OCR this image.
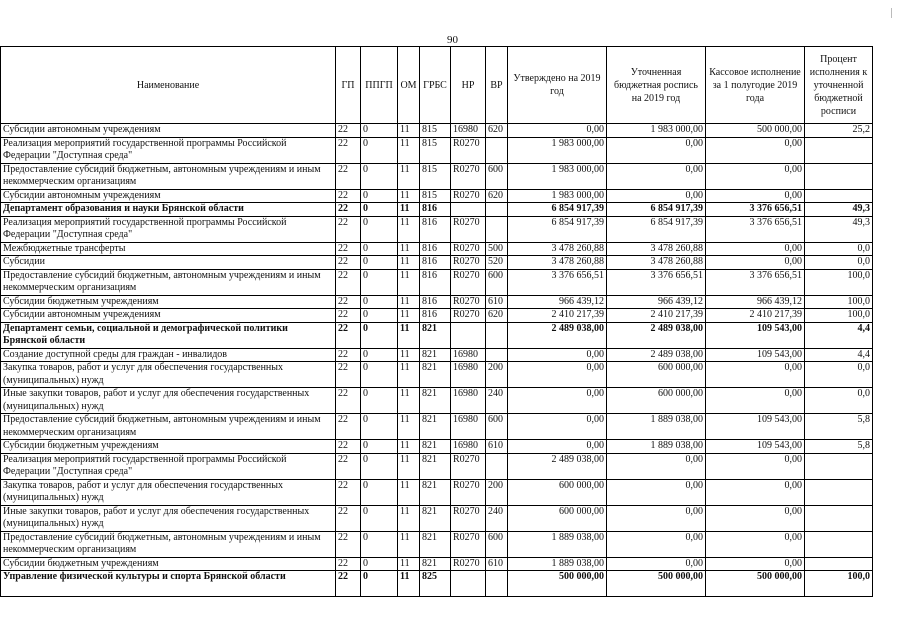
90
Наименование	ГП	ППГП	ОМ	ГРБС	НР	ВР	Утверждено на 2019 год	Уточненная бюджетная роспись на 2019 год	Кассовое исполнение за 1 полугодие 2019 года	Процент исполнения к уточненной бюджетной росписи
Субсидии автономным учреждениям	22	0	11	815	16980	620	0,00	1 983 000,00	500 000,00	25,2
Реализация мероприятий государственной программы Российской Федерации "Доступная среда"	22	0	11	815	R0270		1 983 000,00	0,00	0,00	
Предоставление субсидий бюджетным, автономным учреждениям и иным некоммерческим организациям	22	0	11	815	R0270	600	1 983 000,00	0,00	0,00	
Субсидии автономным учреждениям	22	0	11	815	R0270	620	1 983 000,00	0,00	0,00	
Департамент образования и науки Брянской области	22	0	11	816			6 854 917,39	6 854 917,39	3 376 656,51	49,3
Реализация мероприятий государственной программы Российской Федерации "Доступная среда"	22	0	11	816	R0270		6 854 917,39	6 854 917,39	3 376 656,51	49,3
Межбюджетные трансферты	22	0	11	816	R0270	500	3 478 260,88	3 478 260,88	0,00	0,0
Субсидии	22	0	11	816	R0270	520	3 478 260,88	3 478 260,88	0,00	0,0
Предоставление субсидий бюджетным, автономным учреждениям и иным некоммерческим организациям	22	0	11	816	R0270	600	3 376 656,51	3 376 656,51	3 376 656,51	100,0
Субсидии бюджетным учреждениям	22	0	11	816	R0270	610	966 439,12	966 439,12	966 439,12	100,0
Субсидии автономным учреждениям	22	0	11	816	R0270	620	2 410 217,39	2 410 217,39	2 410 217,39	100,0
Департамент семьи, социальной и демографической политики Брянской области	22	0	11	821			2 489 038,00	2 489 038,00	109 543,00	4,4
Создание доступной среды для граждан - инвалидов	22	0	11	821	16980		0,00	2 489 038,00	109 543,00	4,4
Закупка товаров, работ и услуг для обеспечения государственных (муниципальных) нужд	22	0	11	821	16980	200	0,00	600 000,00	0,00	0,0
Иные закупки товаров, работ и услуг для обеспечения государственных (муниципальных) нужд	22	0	11	821	16980	240	0,00	600 000,00	0,00	0,0
Предоставление субсидий бюджетным, автономным учреждениям и иным некоммерческим организациям	22	0	11	821	16980	600	0,00	1 889 038,00	109 543,00	5,8
Субсидии бюджетным учреждениям	22	0	11	821	16980	610	0,00	1 889 038,00	109 543,00	5,8
Реализация мероприятий государственной программы Российской Федерации "Доступная среда"	22	0	11	821	R0270		2 489 038,00	0,00	0,00	
Закупка товаров, работ и услуг для обеспечения государственных (муниципальных) нужд	22	0	11	821	R0270	200	600 000,00	0,00	0,00	
Иные закупки товаров, работ и услуг для обеспечения государственных (муниципальных) нужд	22	0	11	821	R0270	240	600 000,00	0,00	0,00	
Предоставление субсидий бюджетным, автономным учреждениям и иным некоммерческим организациям	22	0	11	821	R0270	600	1 889 038,00	0,00	0,00	
Субсидии бюджетным учреждениям	22	0	11	821	R0270	610	1 889 038,00	0,00	0,00	
Управление физической культуры и спорта Брянской области	22	0	11	825			500 000,00	500 000,00	500 000,00	100,0
